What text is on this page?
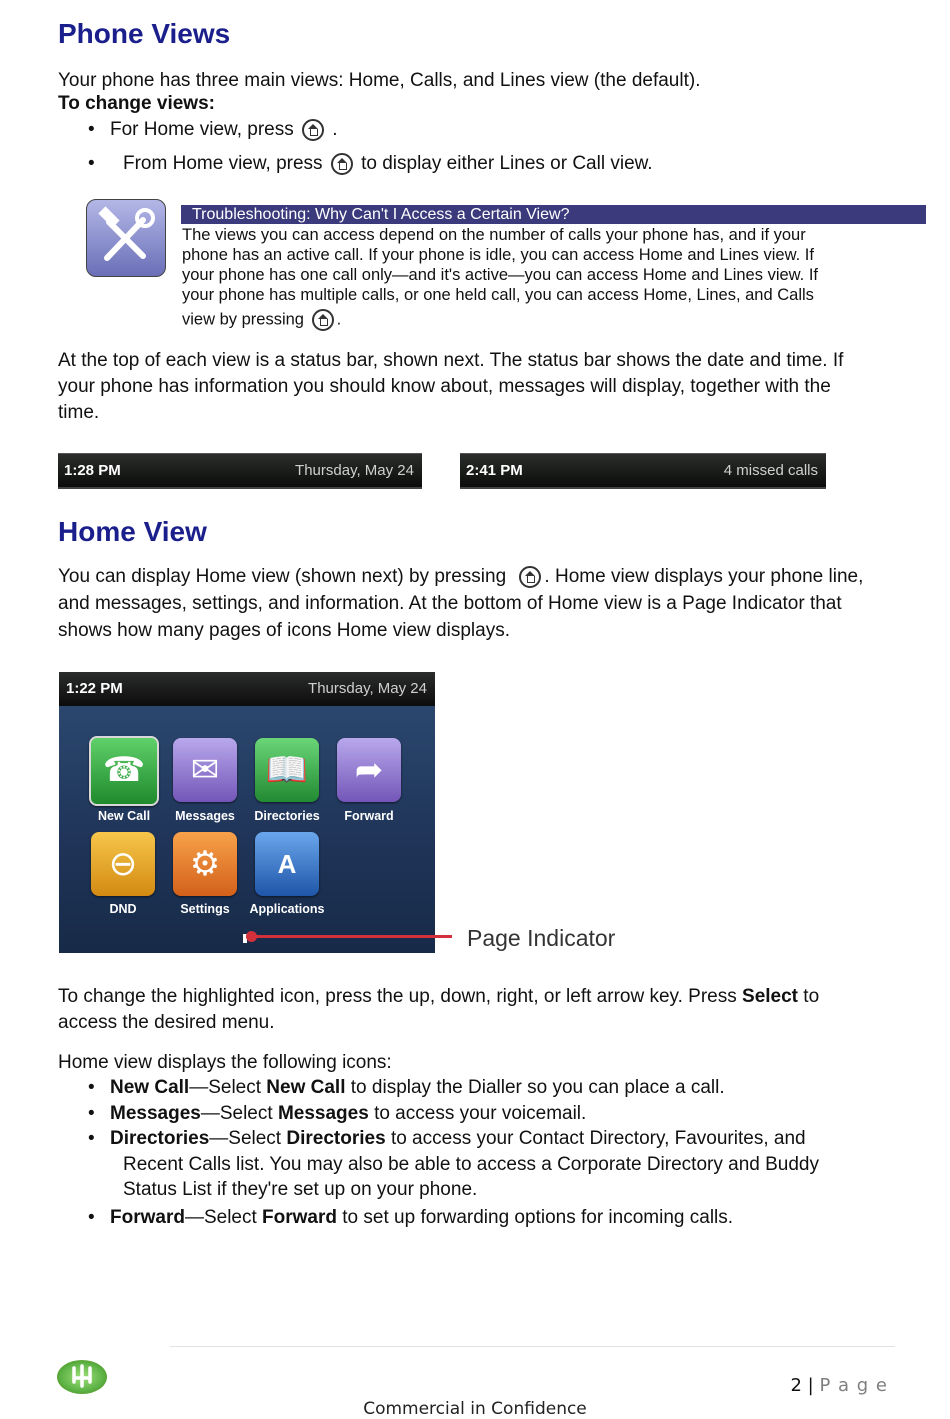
Phone Views

Your phone has three main views: Home, Calls, and Lines view (the default).

To change views:

• For Home view, press .
• From Home view, press to display either Lines or Call view.
Troubleshooting: Why Can't I Access a Certain View?
The views you can access depend on the number of calls your phone has, and if your
phone has an active call. If your phone is idle, you can access Home and Lines view. If
your phone has one call only—and it's active—you can access Home and Lines view. If
your phone has multiple calls, or one held call, you can access Home, Lines, and Calls
view by pressing .
At the top of each view is a status bar, shown next. The status bar shows the date and time. If
your phone has information you should know about, messages will display, together with the
time.
1:28 PM	Thursday, May 24	2:41 PM	4 missed calls
Home View
You can display Home view (shown next) by pressing . Home view displays your phone line,
and messages, settings, and information. At the bottom of Home view is a Page Indicator that
shows how many pages of icons Home view displays.
1:22 PM	Thursday, May 24
☎
New Call
✉
Messages
📖
Directories
➦
Forward
⊖
DND
⚙
Settings
A
Applications
Page Indicator
To change the highlighted icon, press the up, down, right, or left arrow key. Press Select to
access the desired menu.

Home view displays the following icons:

• New Call—Select New Call to display the Dialler so you can place a call.
• Messages—Select Messages to access your voicemail.
• Directories—Select Directories to access your Contact Directory, Favourites, and
Recent Calls list. You may also be able to access a Corporate Directory and Buddy
Status List if they're set up on your phone.
• Forward—Select Forward to set up forwarding options for incoming calls.
2 | P a g e
Commercial in Confidence
